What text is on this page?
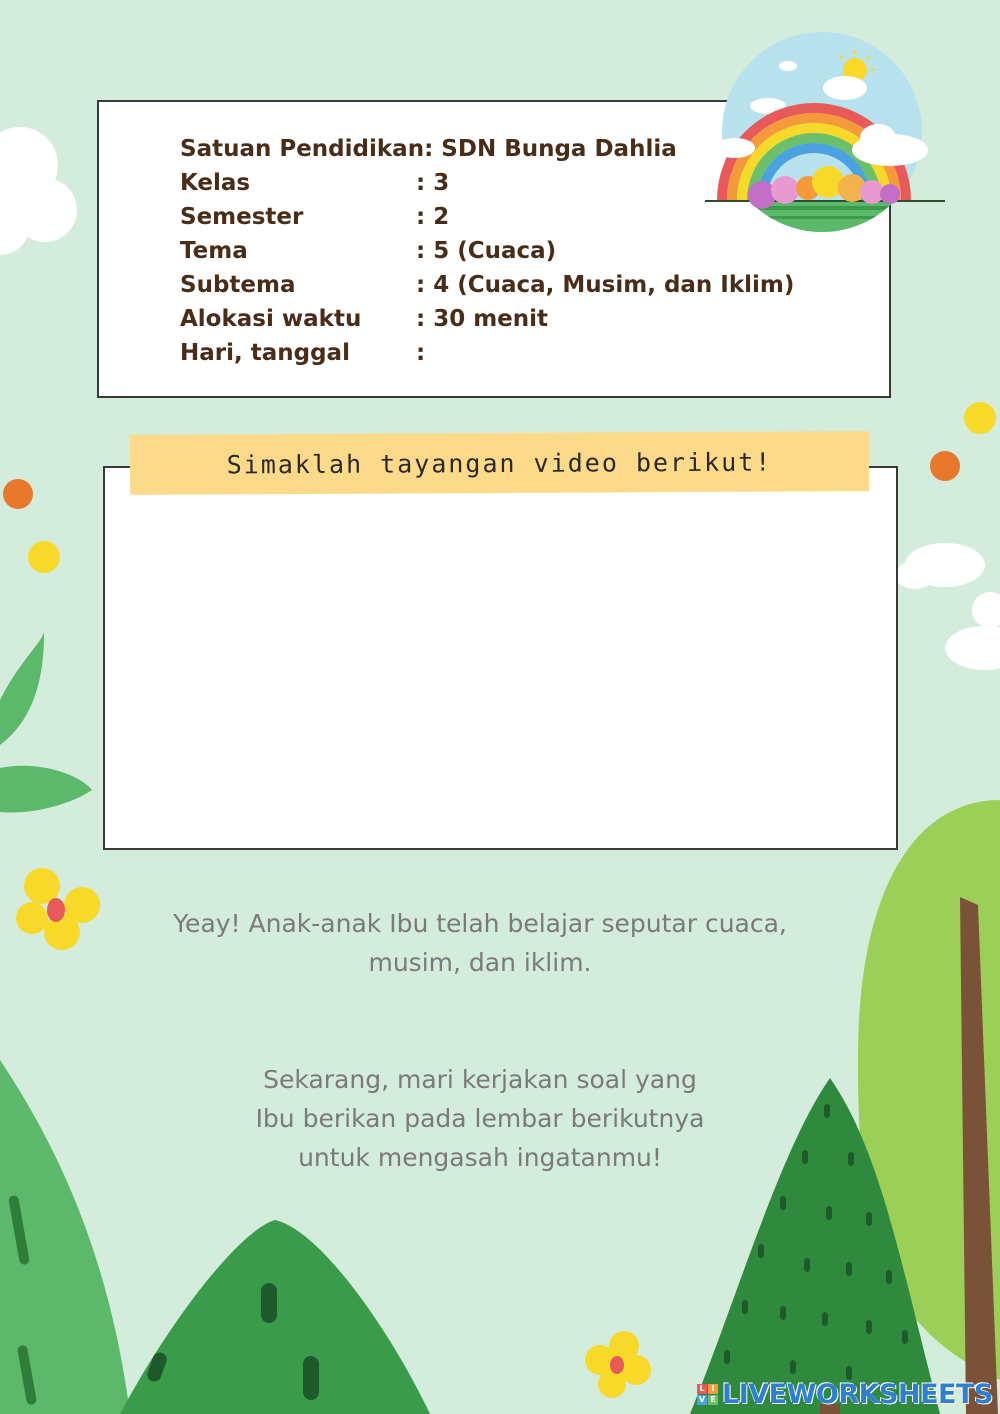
Satuan Pendidikan: SDN Bunga Dahlia
Kelas	: 3
Semester	: 2
Tema	: 5 (Cuaca)
Subtema	: 4 (Cuaca, Musim, dan Iklim)
Alokasi waktu	: 30 menit
Hari, tanggal	:
Simaklah tayangan video berikut!
Yeay! Anak-anak Ibu telah belajar seputar cuaca,
musim, dan iklim.
Sekarang, mari kerjakan soal yang
Ibu berikan pada lembar berikutnya
untuk mengasah ingatanmu!
L I
V E LIVEWORKSHEETS
